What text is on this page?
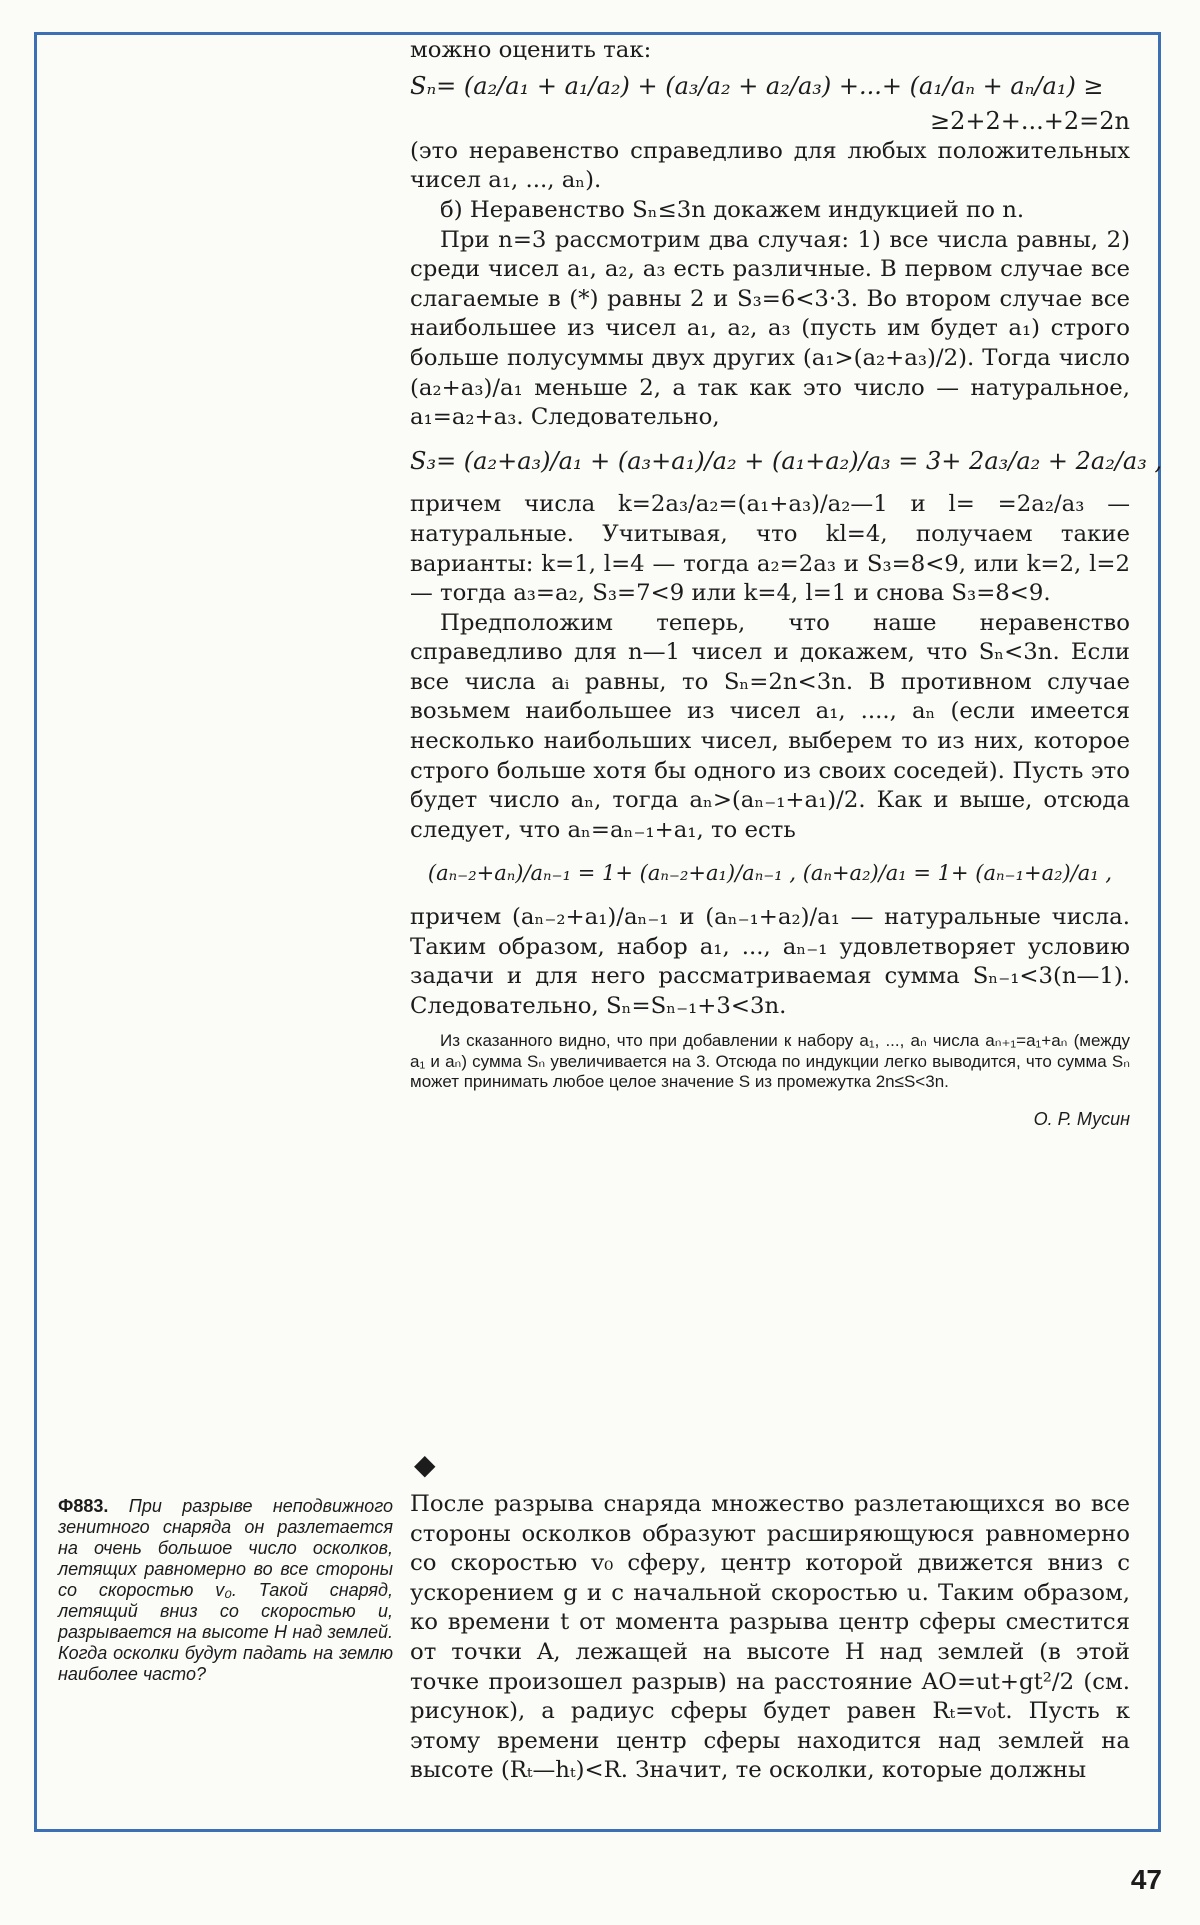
можно оценить так:

Sₙ= (a₂/a₁ + a₁/a₂) + (a₃/a₂ + a₂/a₃) +...+ (a₁/aₙ + aₙ/a₁) ≥
≥2+2+...+2=2n

(это неравенство справедливо для любых положительных чисел a₁, ..., aₙ).

б) Неравенство Sₙ≤3n докажем индукцией по n.

При n=3 рассмотрим два случая: 1) все числа равны, 2) среди чисел a₁, a₂, a₃ есть различные. В первом случае все слагаемые в (*) равны 2 и S₃=6<3·3. Во втором случае все наибольшее из чисел a₁, a₂, a₃ (пусть им будет a₁) строго больше полусуммы двух других (a₁>(a₂+a₃)/2). Тогда число (a₂+a₃)/a₁ меньше 2, а так как это число — натуральное, a₁=a₂+a₃. Следовательно,

S₃= (a₂+a₃)/a₁ + (a₃+a₁)/a₂ + (a₁+a₂)/a₃ = 3+ 2a₃/a₂ + 2a₂/a₃ ,

причем числа k=2a₃/a₂=(a₁+a₃)/a₂—1 и l= =2a₂/a₃ — натуральные. Учитывая, что kl=4, получаем такие варианты: k=1, l=4 — тогда a₂=2a₃ и S₃=8<9, или k=2, l=2 — тогда a₃=a₂, S₃=7<9 или k=4, l=1 и снова S₃=8<9.

Предположим теперь, что наше неравенство справедливо для n—1 чисел и докажем, что Sₙ<3n. Если все числа aᵢ равны, то Sₙ=2n<3n. В противном случае возьмем наибольшее из чисел a₁, ...., aₙ (если имеется несколько наибольших чисел, выберем то из них, которое строго больше хотя бы одного из своих соседей). Пусть это будет число aₙ, тогда aₙ>(aₙ₋₁+a₁)/2. Как и выше, отсюда следует, что aₙ=aₙ₋₁+a₁, то есть

(aₙ₋₂+aₙ)/aₙ₋₁ = 1+ (aₙ₋₂+a₁)/aₙ₋₁ , (aₙ+a₂)/a₁ = 1+ (aₙ₋₁+a₂)/a₁ ,

причем (aₙ₋₂+a₁)/aₙ₋₁ и (aₙ₋₁+a₂)/a₁ — натуральные числа. Таким образом, набор a₁, ..., aₙ₋₁ удовлетворяет условию задачи и для него рассматриваемая сумма Sₙ₋₁<3(n—1). Следовательно, Sₙ=Sₙ₋₁+3<3n.

Из сказанного видно, что при добавлении к набору a₁, ..., aₙ числа aₙ₊₁=a₁+aₙ (между a₁ и aₙ) сумма Sₙ увеличивается на 3. Отсюда по индукции легко выводится, что сумма Sₙ может принимать любое целое значение S из промежутка 2n≤S<3n.

О. Р. Мусин

◆
Ф883. При разрыве неподвижного зенитного снаряда он разлетается на очень большое число осколков, летящих равномерно во все стороны со скоростью v₀. Такой снаряд, летящий вниз со скоростью u, разрывается на высоте H над землей. Когда осколки будут падать на землю наиболее часто?

После разрыва снаряда множество разлетающихся во все стороны осколков образуют расширяющуюся равномерно со скоростью v₀ сферу, центр которой движется вниз с ускорением g и с начальной скоростью u. Таким образом, ко времени t от момента разрыва центр сферы сместится от точки A, лежащей на высоте H над землей (в этой точке произошел разрыв) на расстояние AO=ut+gt²/2 (см. рисунок), а радиус сферы будет равен Rₜ=v₀t. Пусть к этому времени центр сферы находится над землей на высоте (Rₜ—hₜ)<R. Значит, те осколки, которые должны

47
